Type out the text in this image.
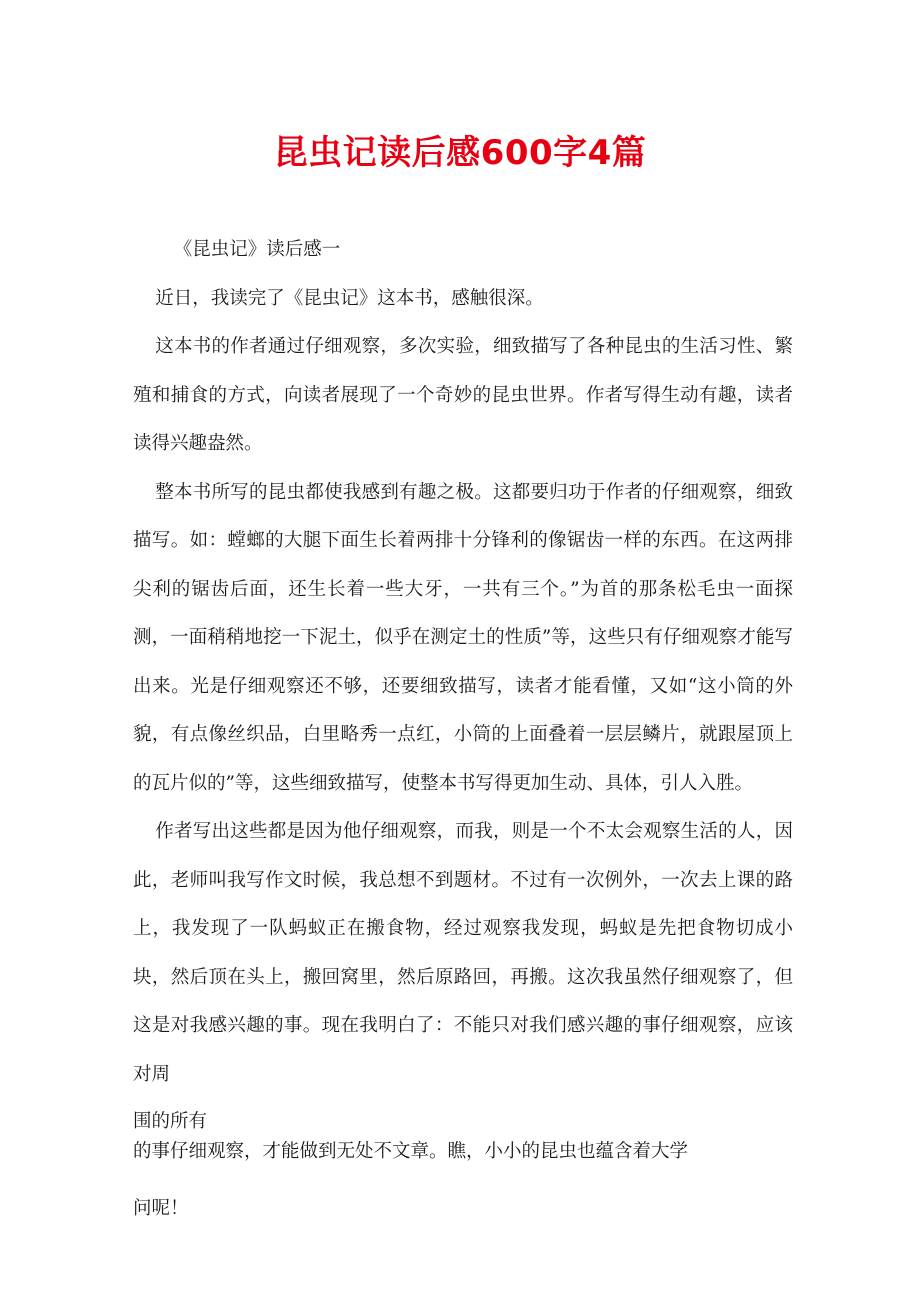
昆虫记读后感600字4篇

《昆虫记》读后感一

近日，我读完了《昆虫记》这本书，感触很深。

这本书的作者通过仔细观察，多次实验，细致描写了各种昆虫的生活习性、繁殖和捕食的方式，向读者展现了一个奇妙的昆虫世界。作者写得生动有趣，读者读得兴趣盎然。

整本书所写的昆虫都使我感到有趣之极。这都要归功于作者的仔细观察，细致描写。如：螳螂的大腿下面生长着两排十分锋利的像锯齿一样的东西。在这两排尖利的锯齿后面，还生长着一些大牙，一共有三个。”为首的那条松毛虫一面探测，一面稍稍地挖一下泥土，似乎在测定土的性质”等，这些只有仔细观察才能写出来。光是仔细观察还不够，还要细致描写，读者才能看懂，又如“这小筒的外貌，有点像丝织品，白里略秀一点红，小筒的上面叠着一层层鳞片，就跟屋顶上的瓦片似的”等，这些细致描写，使整本书写得更加生动、具体，引人入胜。

作者写出这些都是因为他仔细观察，而我，则是一个不太会观察生活的人，因此，老师叫我写作文时候，我总想不到题材。不过有一次例外，一次去上课的路上，我发现了一队蚂蚁正在搬食物，经过观察我发现，蚂蚁是先把食物切成小块，然后顶在头上，搬回窝里，然后原路回，再搬。这次我虽然仔细观察了，但这是对我感兴趣的事。现在我明白了：不能只对我们感兴趣的事仔细观察，应该对周

围的所有

的事仔细观察，才能做到无处不文章。瞧，小小的昆虫也蕴含着大学

问呢！
